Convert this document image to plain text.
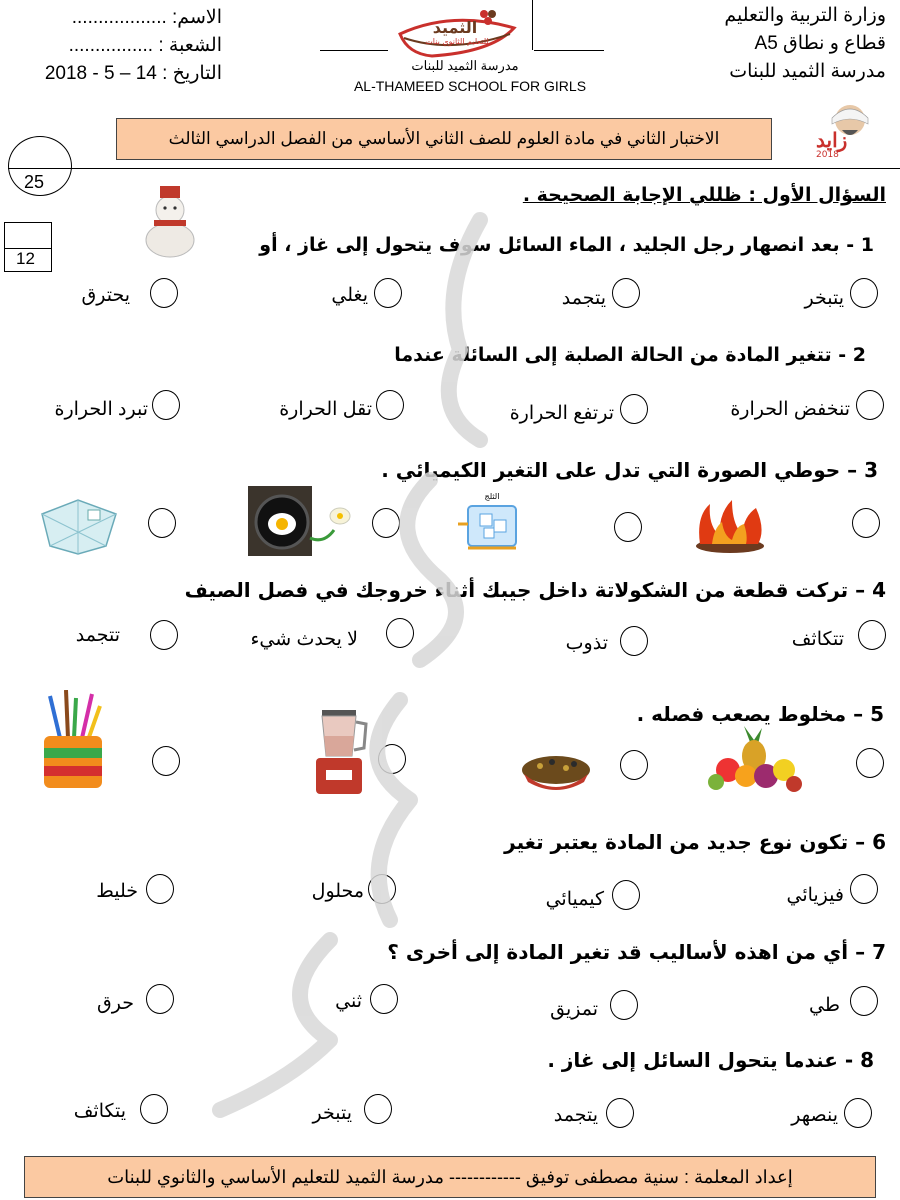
وزارة التربية والتعليم
قطاع و نطاق A5
مدرسة الثميد للبنات
الاسم: ..................
الشعبة : ................
التاريخ : 14 – 5 - 2018
الثميد
للتعليم الثانوي بنات
مدرسة الثميد للبنات
AL-THAMEED SCHOOL FOR GIRLS
زايد
2018
الاختبار الثاني في مادة العلوم للصف الثاني الأساسي من الفصل الدراسي الثالث
25
12
السؤال الأول : ظللي الإجابة الصحيحة .
1 - بعد انصهار رجل الجليد ، الماء السائل سوف يتحول إلى غاز ، أو
يتبخر
يتجمد
يغلي
يحترق
2 - تتغير المادة من الحالة الصلبة إلى السائلة عندما
تنخفض الحرارة
ترتفع الحرارة
تقل الحرارة
تبرد الحرارة
3 – حوطي الصورة التي تدل على التغير الكيميائي .
الثلج
4 – تركت قطعة من الشكولاتة داخل جيبك أثناء خروجك في فصل الصيف
تتكاثف
تذوب
لا يحدث شيء
تتجمد
5 – مخلوط يصعب فصله .
6 – تكون نوع جديد من المادة يعتبر تغير
فيزيائي
كيميائي
محلول
خليط
7 – أي من اهذه لأساليب قد تغير المادة إلى أخرى ؟
طي
تمزيق
ثني
حرق
8 - عندما يتحول السائل إلى غاز .
ينصهر
يتجمد
يتبخر
يتكاثف
إعداد المعلمة : سنية مصطفى توفيق ------------ مدرسة الثميد للتعليم الأساسي والثانوي للبنات
